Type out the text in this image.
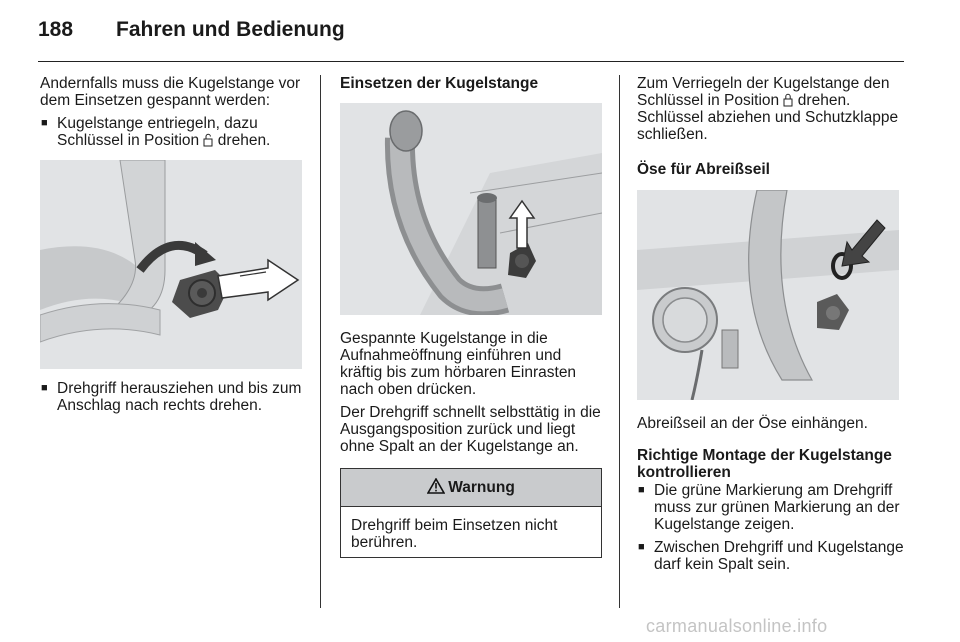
188 Fahren und Bedienung

Andernfalls muss die Kugelstange vor dem Einsetzen gespannt werden:

■ Kugelstange entriegeln, dazu Schlüssel in Position drehen.

■ Drehgriff herausziehen und bis zum Anschlag nach rechts drehen.

Einsetzen der Kugelstange

Gespannte Kugelstange in die Aufnahmeöffnung einführen und kräftig bis zum hörbaren Einrasten nach oben drücken.

Der Drehgriff schnellt selbsttätig in die Ausgangsposition zurück und liegt ohne Spalt an der Kugelstange an.

Warnung
Drehgriff beim Einsetzen nicht berühren.

Zum Verriegeln der Kugelstange den Schlüssel in Position drehen. Schlüssel abziehen und Schutzklappe schließen.

Öse für Abreißseil

Abreißseil an der Öse einhängen.

Richtige Montage der Kugelstange kontrollieren

■ Die grüne Markierung am Drehgriff muss zur grünen Markierung an der Kugelstange zeigen.

■ Zwischen Drehgriff und Kugelstange darf kein Spalt sein.

carmanualsonline.info
